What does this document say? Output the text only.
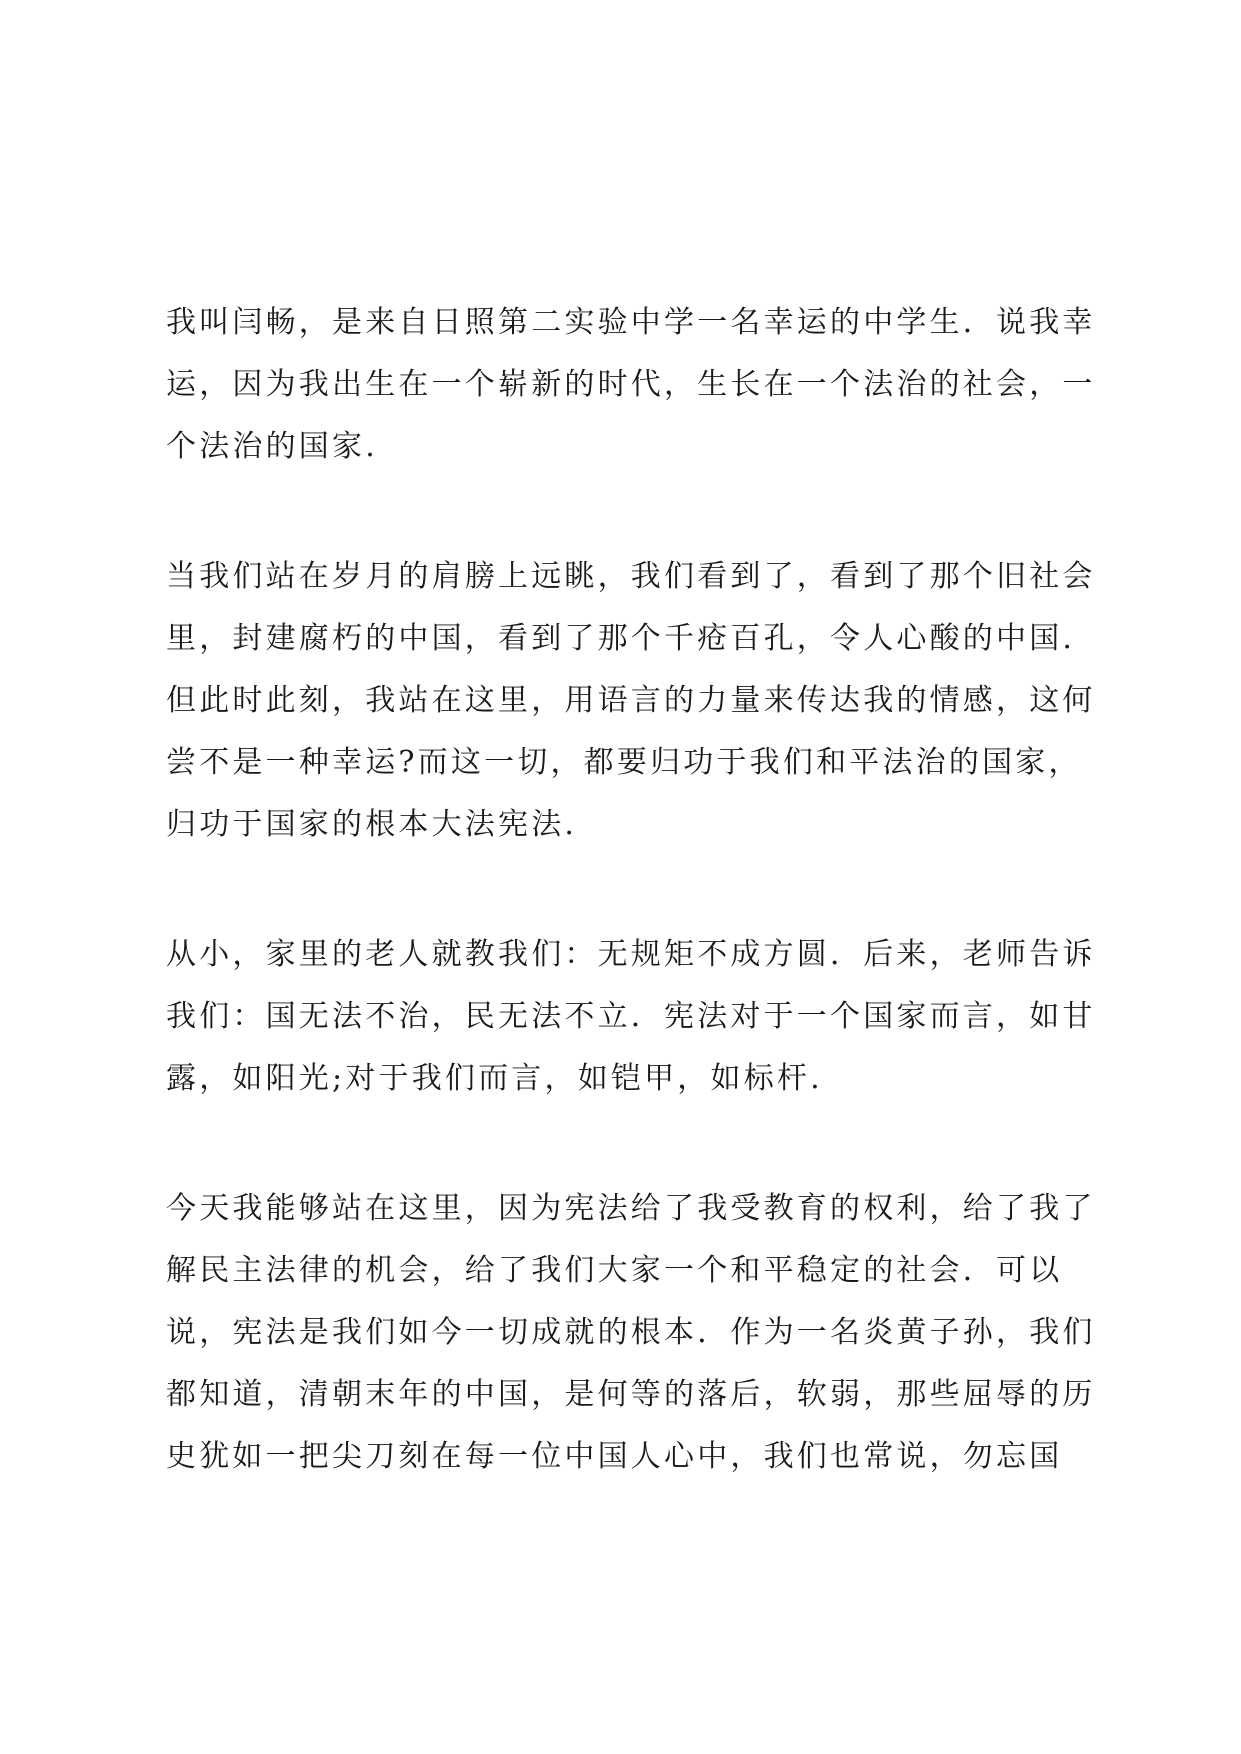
我叫闫畅，是来自日照第二实验中学一名幸运的中学生．说我幸
运，因为我出生在一个崭新的时代，生长在一个法治的社会，一
个法治的国家.

当我们站在岁月的肩膀上远眺，我们看到了，看到了那个旧社会
里，封建腐朽的中国，看到了那个千疮百孔，令人心酸的中国.
但此时此刻，我站在这里，用语言的力量来传达我的情感，这何
尝不是一种幸运?而这一切，都要归功于我们和平法治的国家，
归功于国家的根本大法宪法.

从小，家里的老人就教我们：无规矩不成方圆．后来，老师告诉
我们：国无法不治，民无法不立．宪法对于一个国家而言，如甘
露，如阳光;对于我们而言，如铠甲，如标杆.

今天我能够站在这里，因为宪法给了我受教育的权利，给了我了
解民主法律的机会，给了我们大家一个和平稳定的社会．可以
说，宪法是我们如今一切成就的根本．作为一名炎黄子孙，我们
都知道，清朝末年的中国，是何等的落后，软弱，那些屈辱的历
史犹如一把尖刀刻在每一位中国人心中，我们也常说，勿忘国
